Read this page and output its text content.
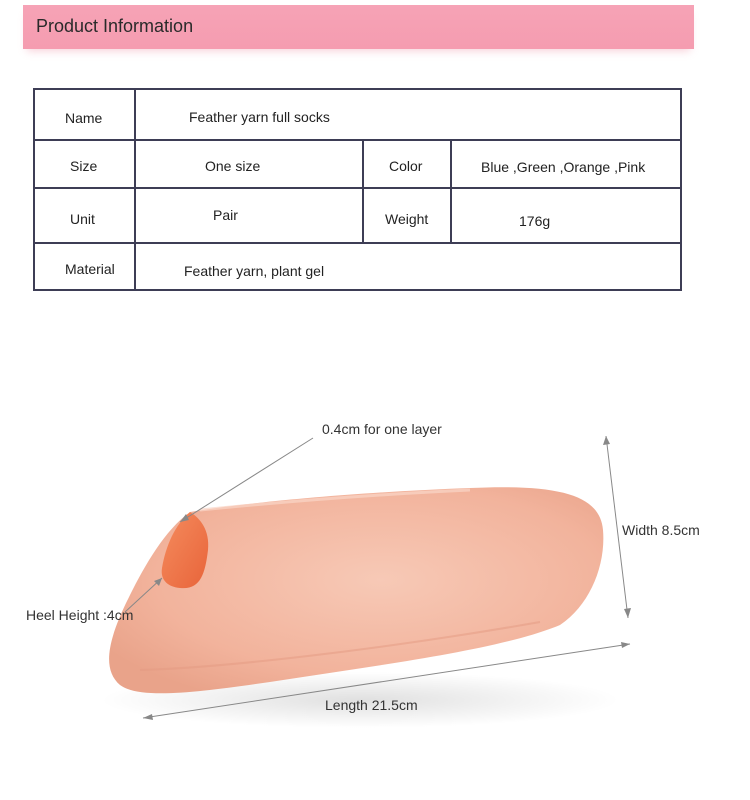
Product Information
Name	Feather yarn full socks
Size	One size	Color	Blue ,Green ,Orange ,Pink
Unit	Pair	Weight	176g
Material	Feather yarn, plant gel
0.4cm for one layer
Width 8.5cm
Heel Height :4cm
Length 21.5cm
